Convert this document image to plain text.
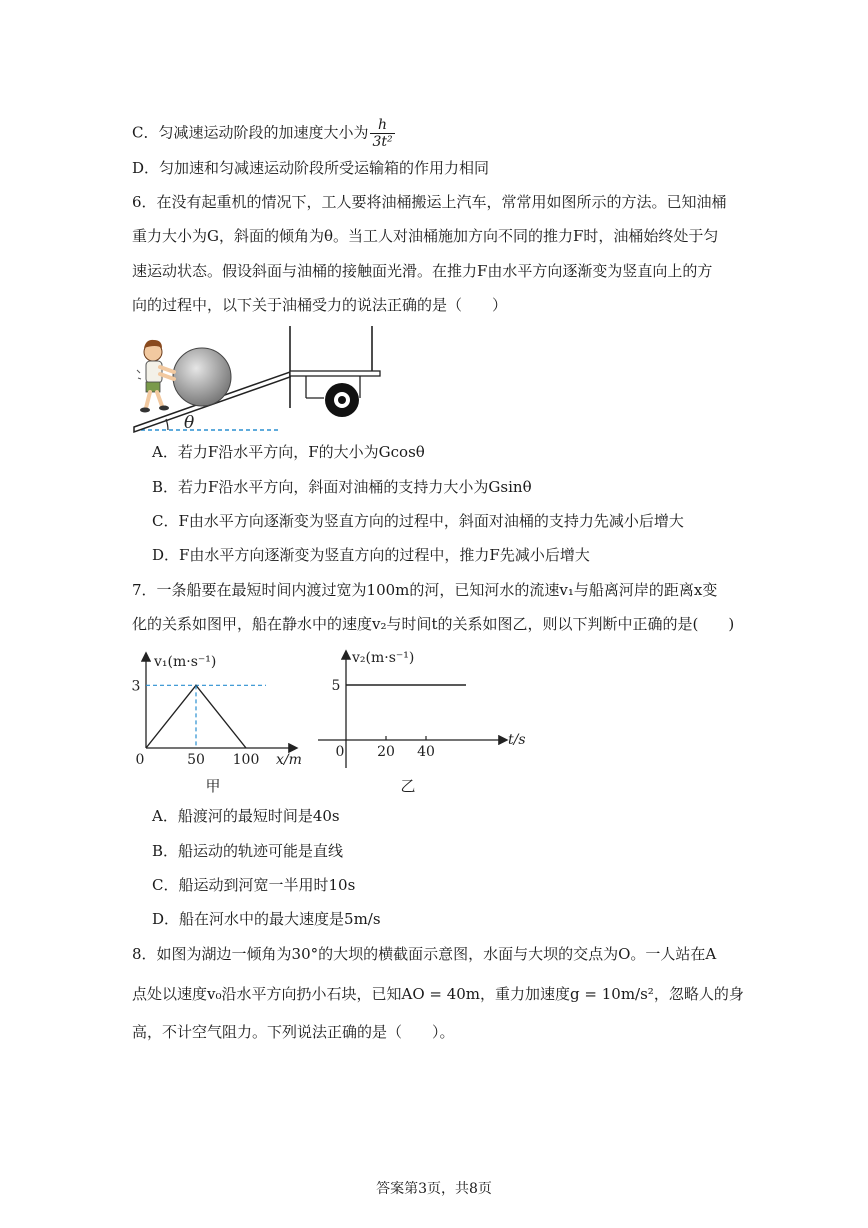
C．匀减速运动阶段的加速度大小为 $\frac{h}{\text{3t²}}$
D．匀加速和匀减速运动阶段所受运输箱的作用力相同
6．在没有起重机的情况下，工人要将油桶搬运上汽车，常常用如图所示的方法。已知油桶
重力大小为G，斜面的倾角为θ。当工人对油桶施加方向不同的推力F时，油桶始终处于匀
速运动状态。假设斜面与油桶的接触面光滑。在推力F由水平方向逐渐变为竖直向上的方
向的过程中，以下关于油桶受力的说法正确的是（　　）
θ
A．若力F沿水平方向，F的大小为Gcosθ
B．若力F沿水平方向，斜面对油桶的支持力大小为Gsinθ
C．F由水平方向逐渐变为竖直方向的过程中，斜面对油桶的支持力先减小后增大
D．F由水平方向逐渐变为竖直方向的过程中，推力F先减小后增大
7．一条船要在最短时间内渡过宽为100m的河，已知河水的流速v₁与船离河岸的距离x变
化的关系如图甲，船在静水中的速度v₂与时间t的关系如图乙，则以下判断中正确的是(　　)
v₁(m·s⁻¹)
x/m
0	50 100
3
甲
v₂(m·s⁻¹)
t/s
0 20 40
5
乙
A．船渡河的最短时间是40s
B．船运动的轨迹可能是直线
C．船运动到河宽一半用时10s
D．船在河水中的最大速度是5m/s
8．如图为湖边一倾角为30°的大坝的横截面示意图，水面与大坝的交点为O。一人站在A
点处以速度v₀沿水平方向扔小石块，已知AO = 40m，重力加速度g = 10m/s²，忽略人的身
高，不计空气阻力。下列说法正确的是（　　）。
答案第3页，共8页
